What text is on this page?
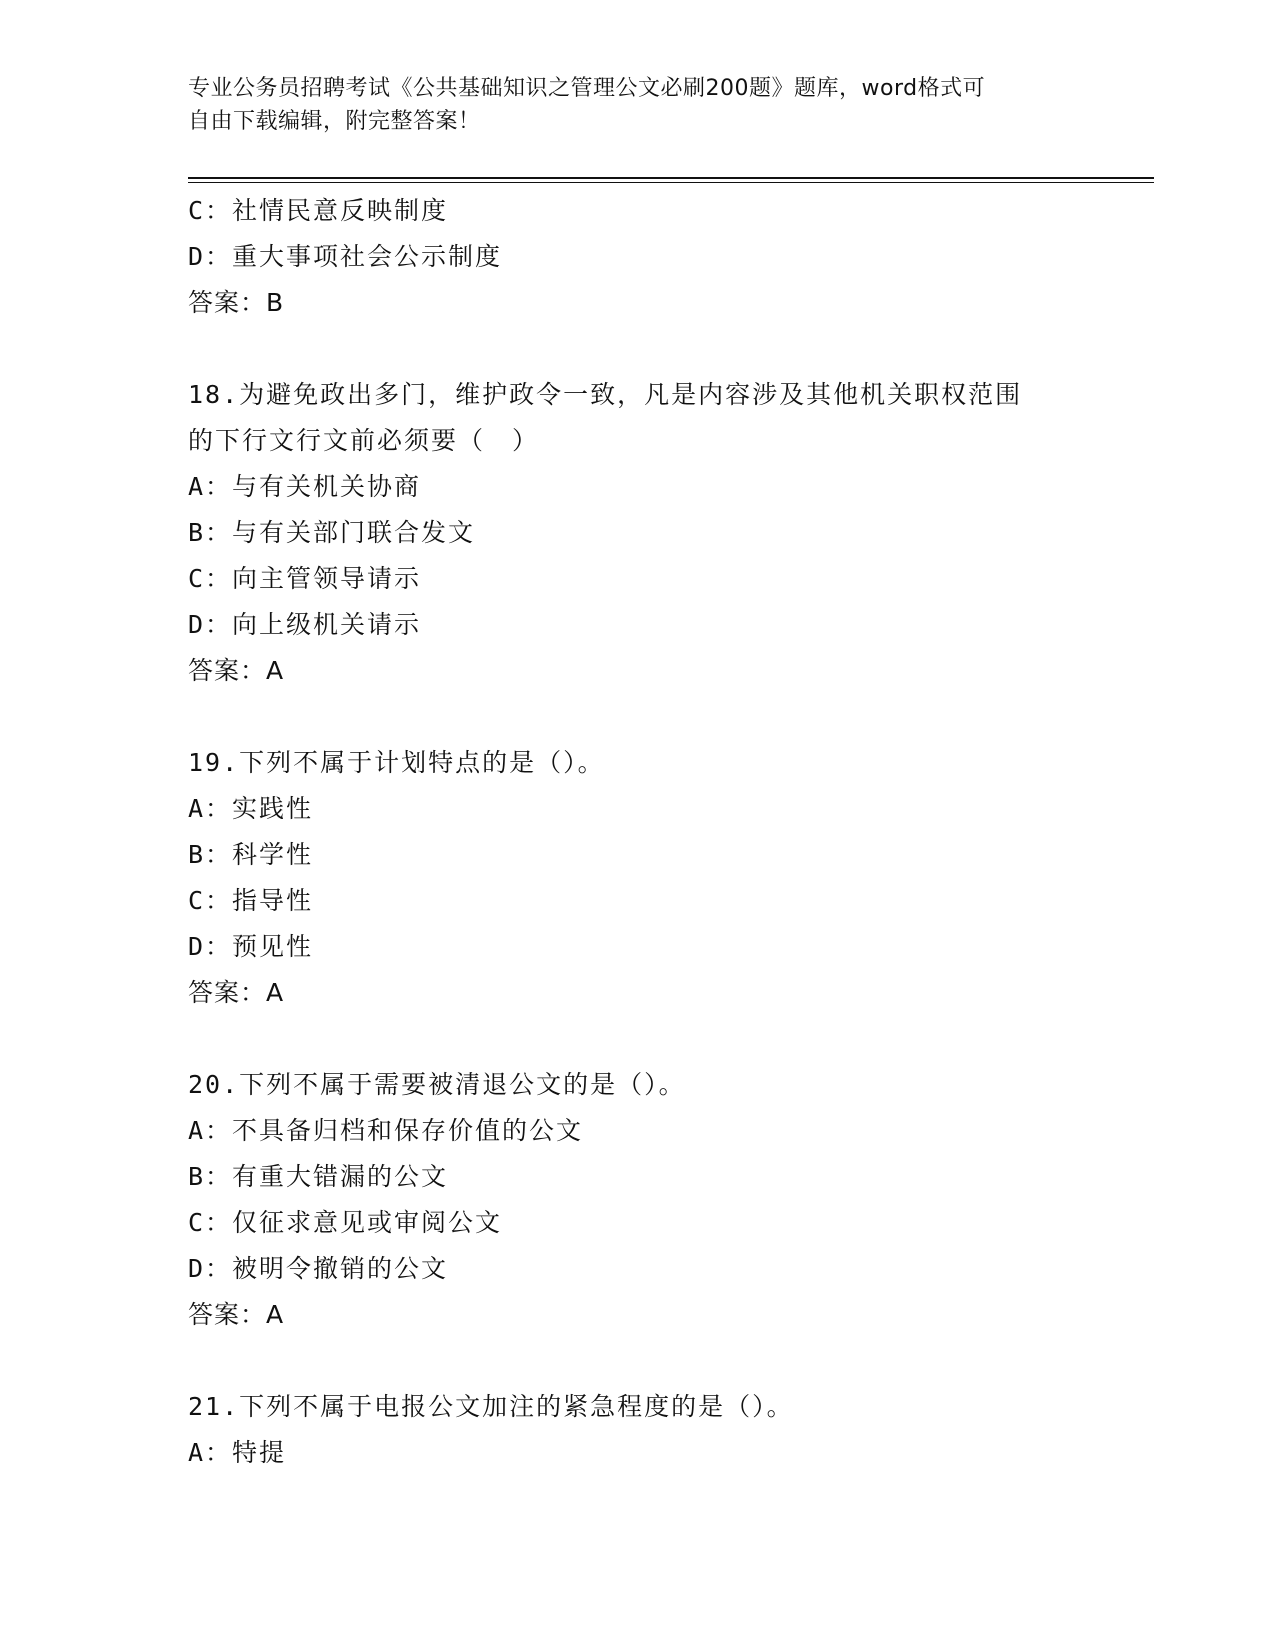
专业公务员招聘考试《公共基础知识之管理公文必刷200题》题库，word格式可
自由下载编辑，附完整答案！
C：社情民意反映制度
D：重大事项社会公示制度
答案：B
18.为避免政出多门，维护政令一致，凡是内容涉及其他机关职权范围
的下行文行文前必须要（　）
A：与有关机关协商
B：与有关部门联合发文
C：向主管领导请示
D：向上级机关请示
答案：A
19.下列不属于计划特点的是（）。
A：实践性
B：科学性
C：指导性
D：预见性
答案：A
20.下列不属于需要被清退公文的是（）。
A：不具备归档和保存价值的公文
B：有重大错漏的公文
C：仅征求意见或审阅公文
D：被明令撤销的公文
答案：A
21.下列不属于电报公文加注的紧急程度的是（）。
A：特提
